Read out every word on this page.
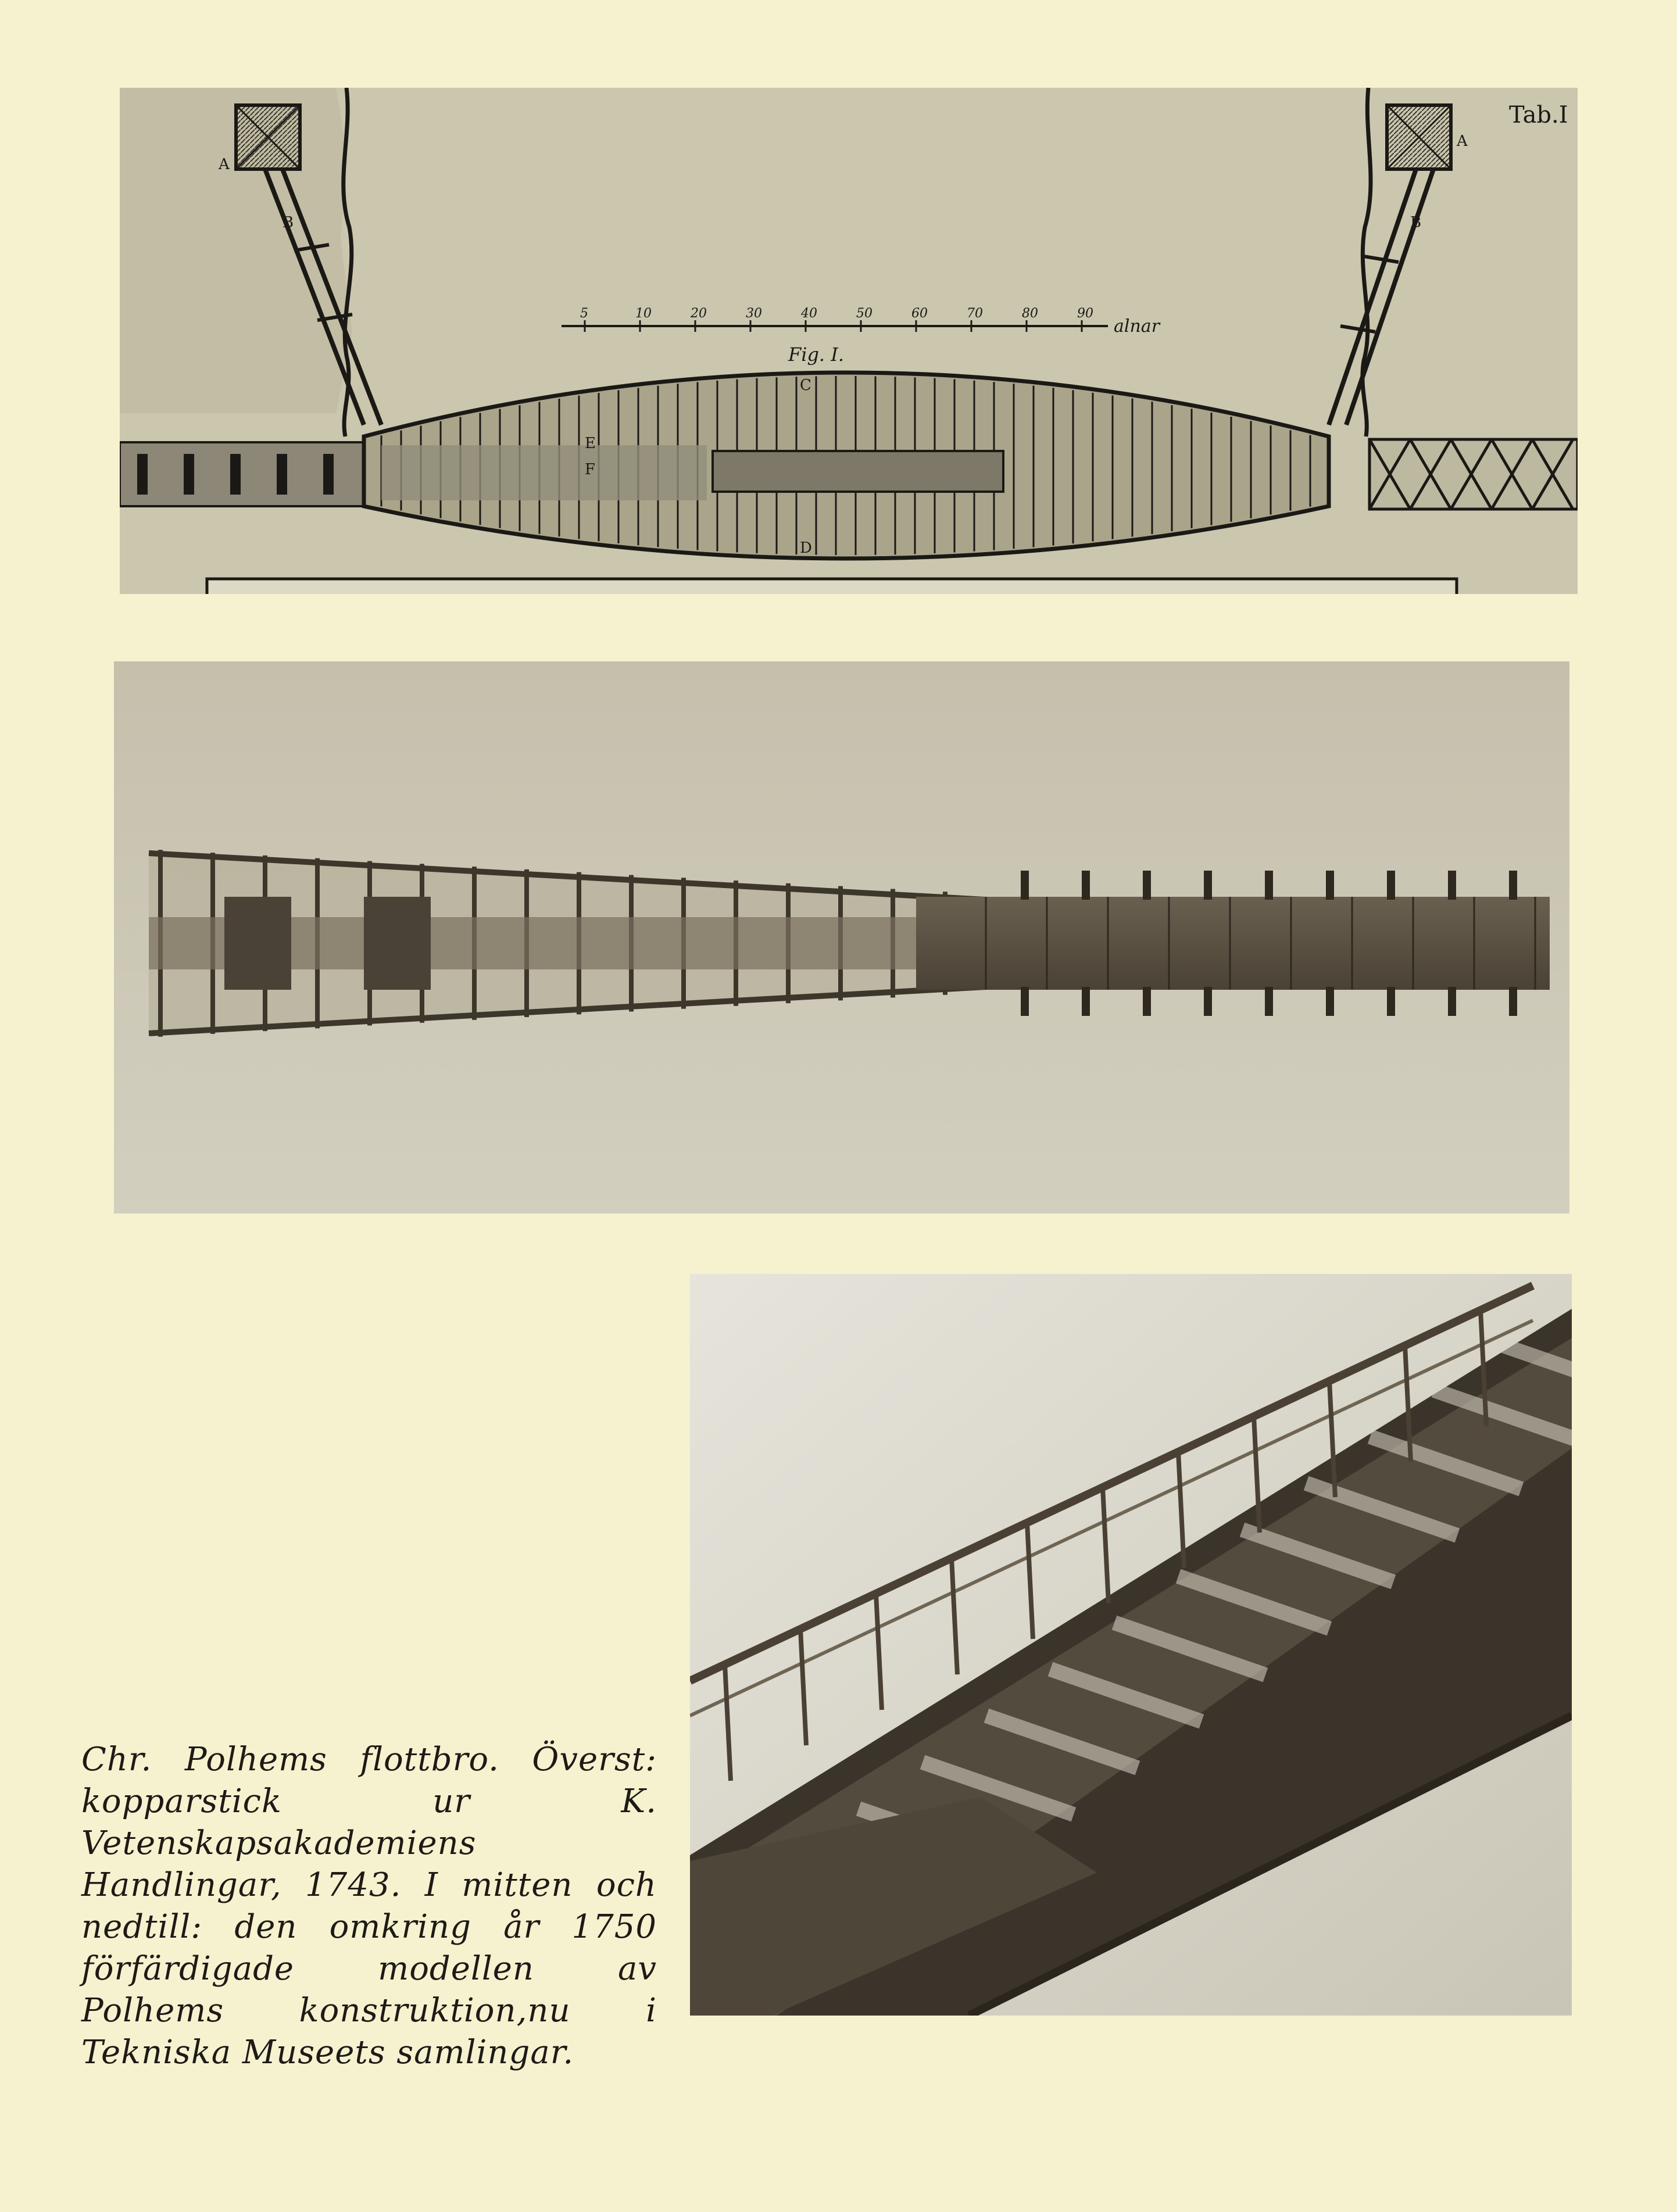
5	10	20	30	40	50	60	70	80	90
alnar
Fig. I.
A
A
B	B
C
D
E
F
Tab.I
Chr. Polhems flottbro. Överst: kopparstick ur K. Vetenskapsakademiens Handlingar, 1743. I mitten och nedtill: den omkring år 1750 förfärdigade modellen av Polhems konstruktion,nu i Tekniska Museets samlingar.
